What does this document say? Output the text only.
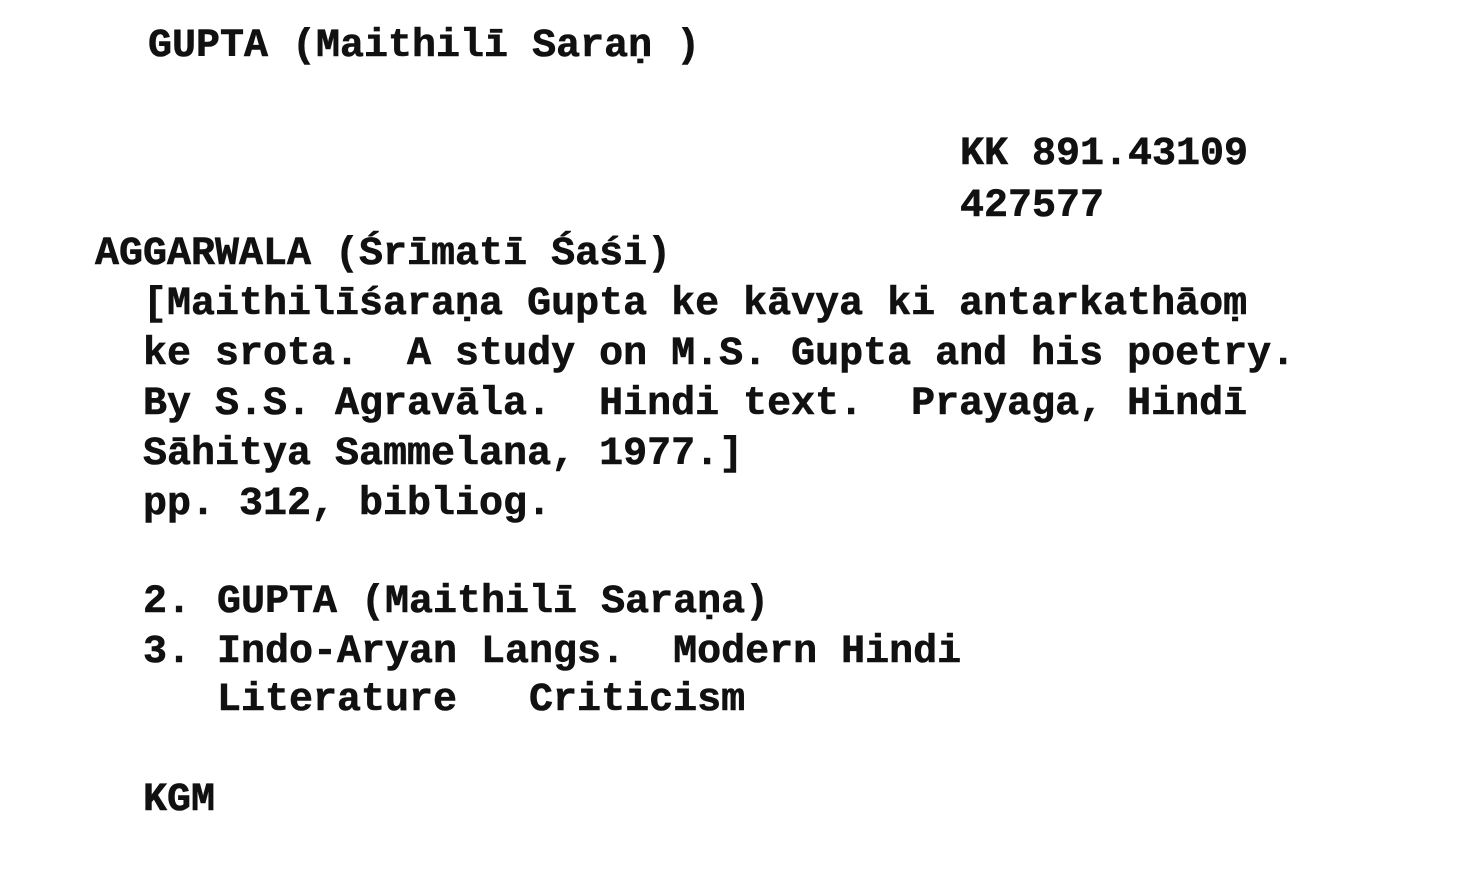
GUPTA (Maithilī Saraṇ )
KK 891.43109
427577
AGGARWALA (Śrīmatī Śaśi)
[Maithilīśaraṇa Gupta ke kāvya ki antarkathāoṃ
ke srota.  A study on M.S. Gupta and his poetry.
By S.S. Agravāla.  Hindi text.  Prayaga, Hindī
Sāhitya Sammelana, 1977.]
pp. 312, bibliog.
2. GUPTA (Maithilī Saraṇa)
3. Indo-Aryan Langs.  Modern Hindi
Literature   Criticism
KGM
